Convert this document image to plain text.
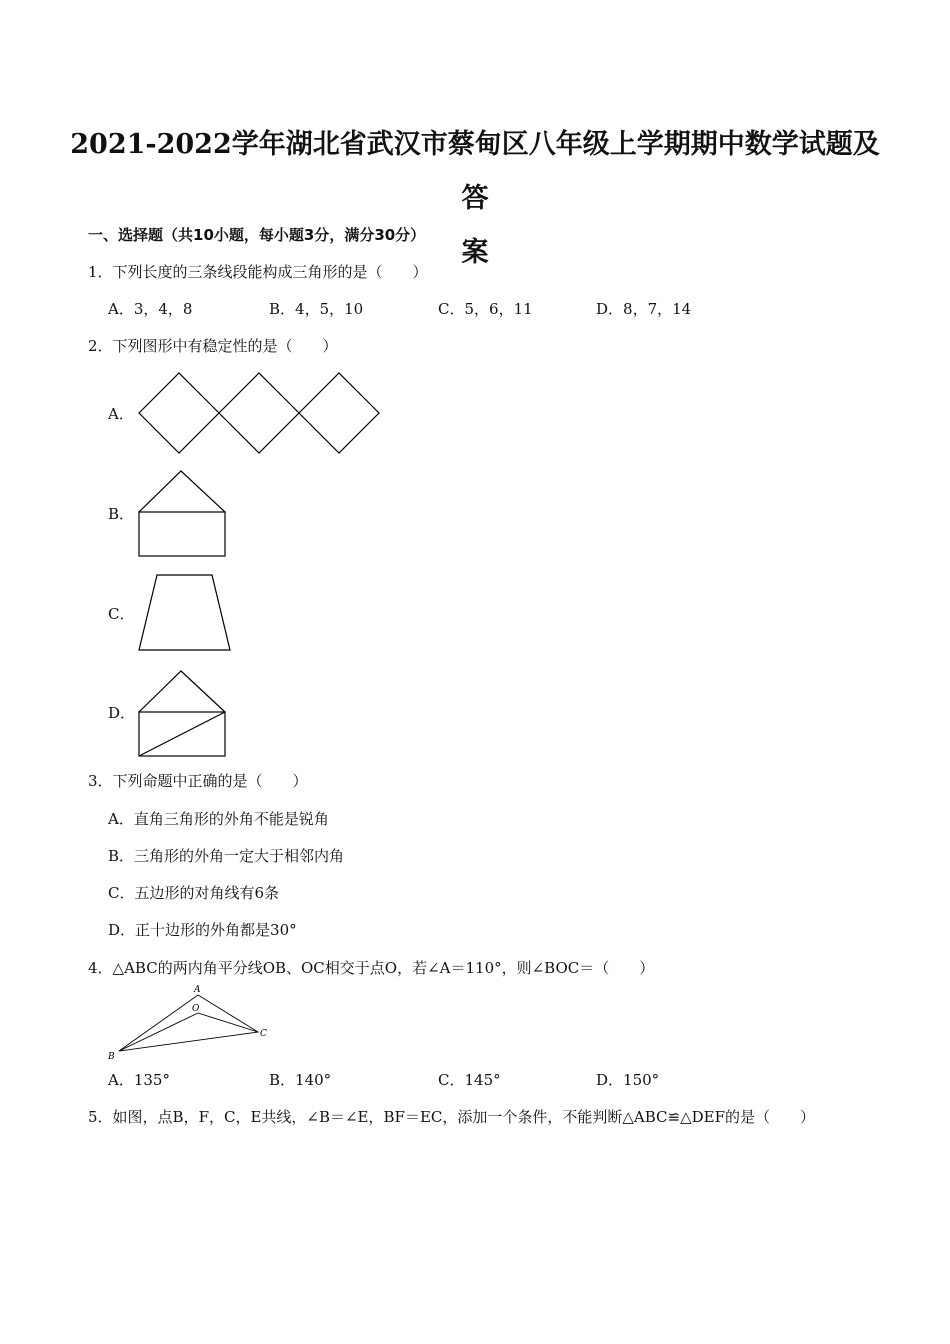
2021-2022学年湖北省武汉市蔡甸区八年级上学期期中数学试题及答
案
一、选择题（共10小题，每小题3分，满分30分）
1．下列长度的三条线段能构成三角形的是（　　）
A．3，4，8	B．4，5，10	C．5，6，11	D．8，7，14
2．下列图形中有稳定性的是（　　）
A．
B．
C．
D．
3．下列命题中正确的是（　　）
A．直角三角形的外角不能是锐角
B．三角形的外角一定大于相邻内角
C．五边形的对角线有6条
D．正十边形的外角都是30°
4．△ABC的两内角平分线OB、OC相交于点O，若∠A＝110°，则∠BOC＝（　　）
A
O
B
C
A．135°	B．140°	C．145°	D．150°
5．如图，点B，F，C，E共线，∠B＝∠E，BF＝EC，添加一个条件，不能判断△ABC≌△DEF的是（　　）
